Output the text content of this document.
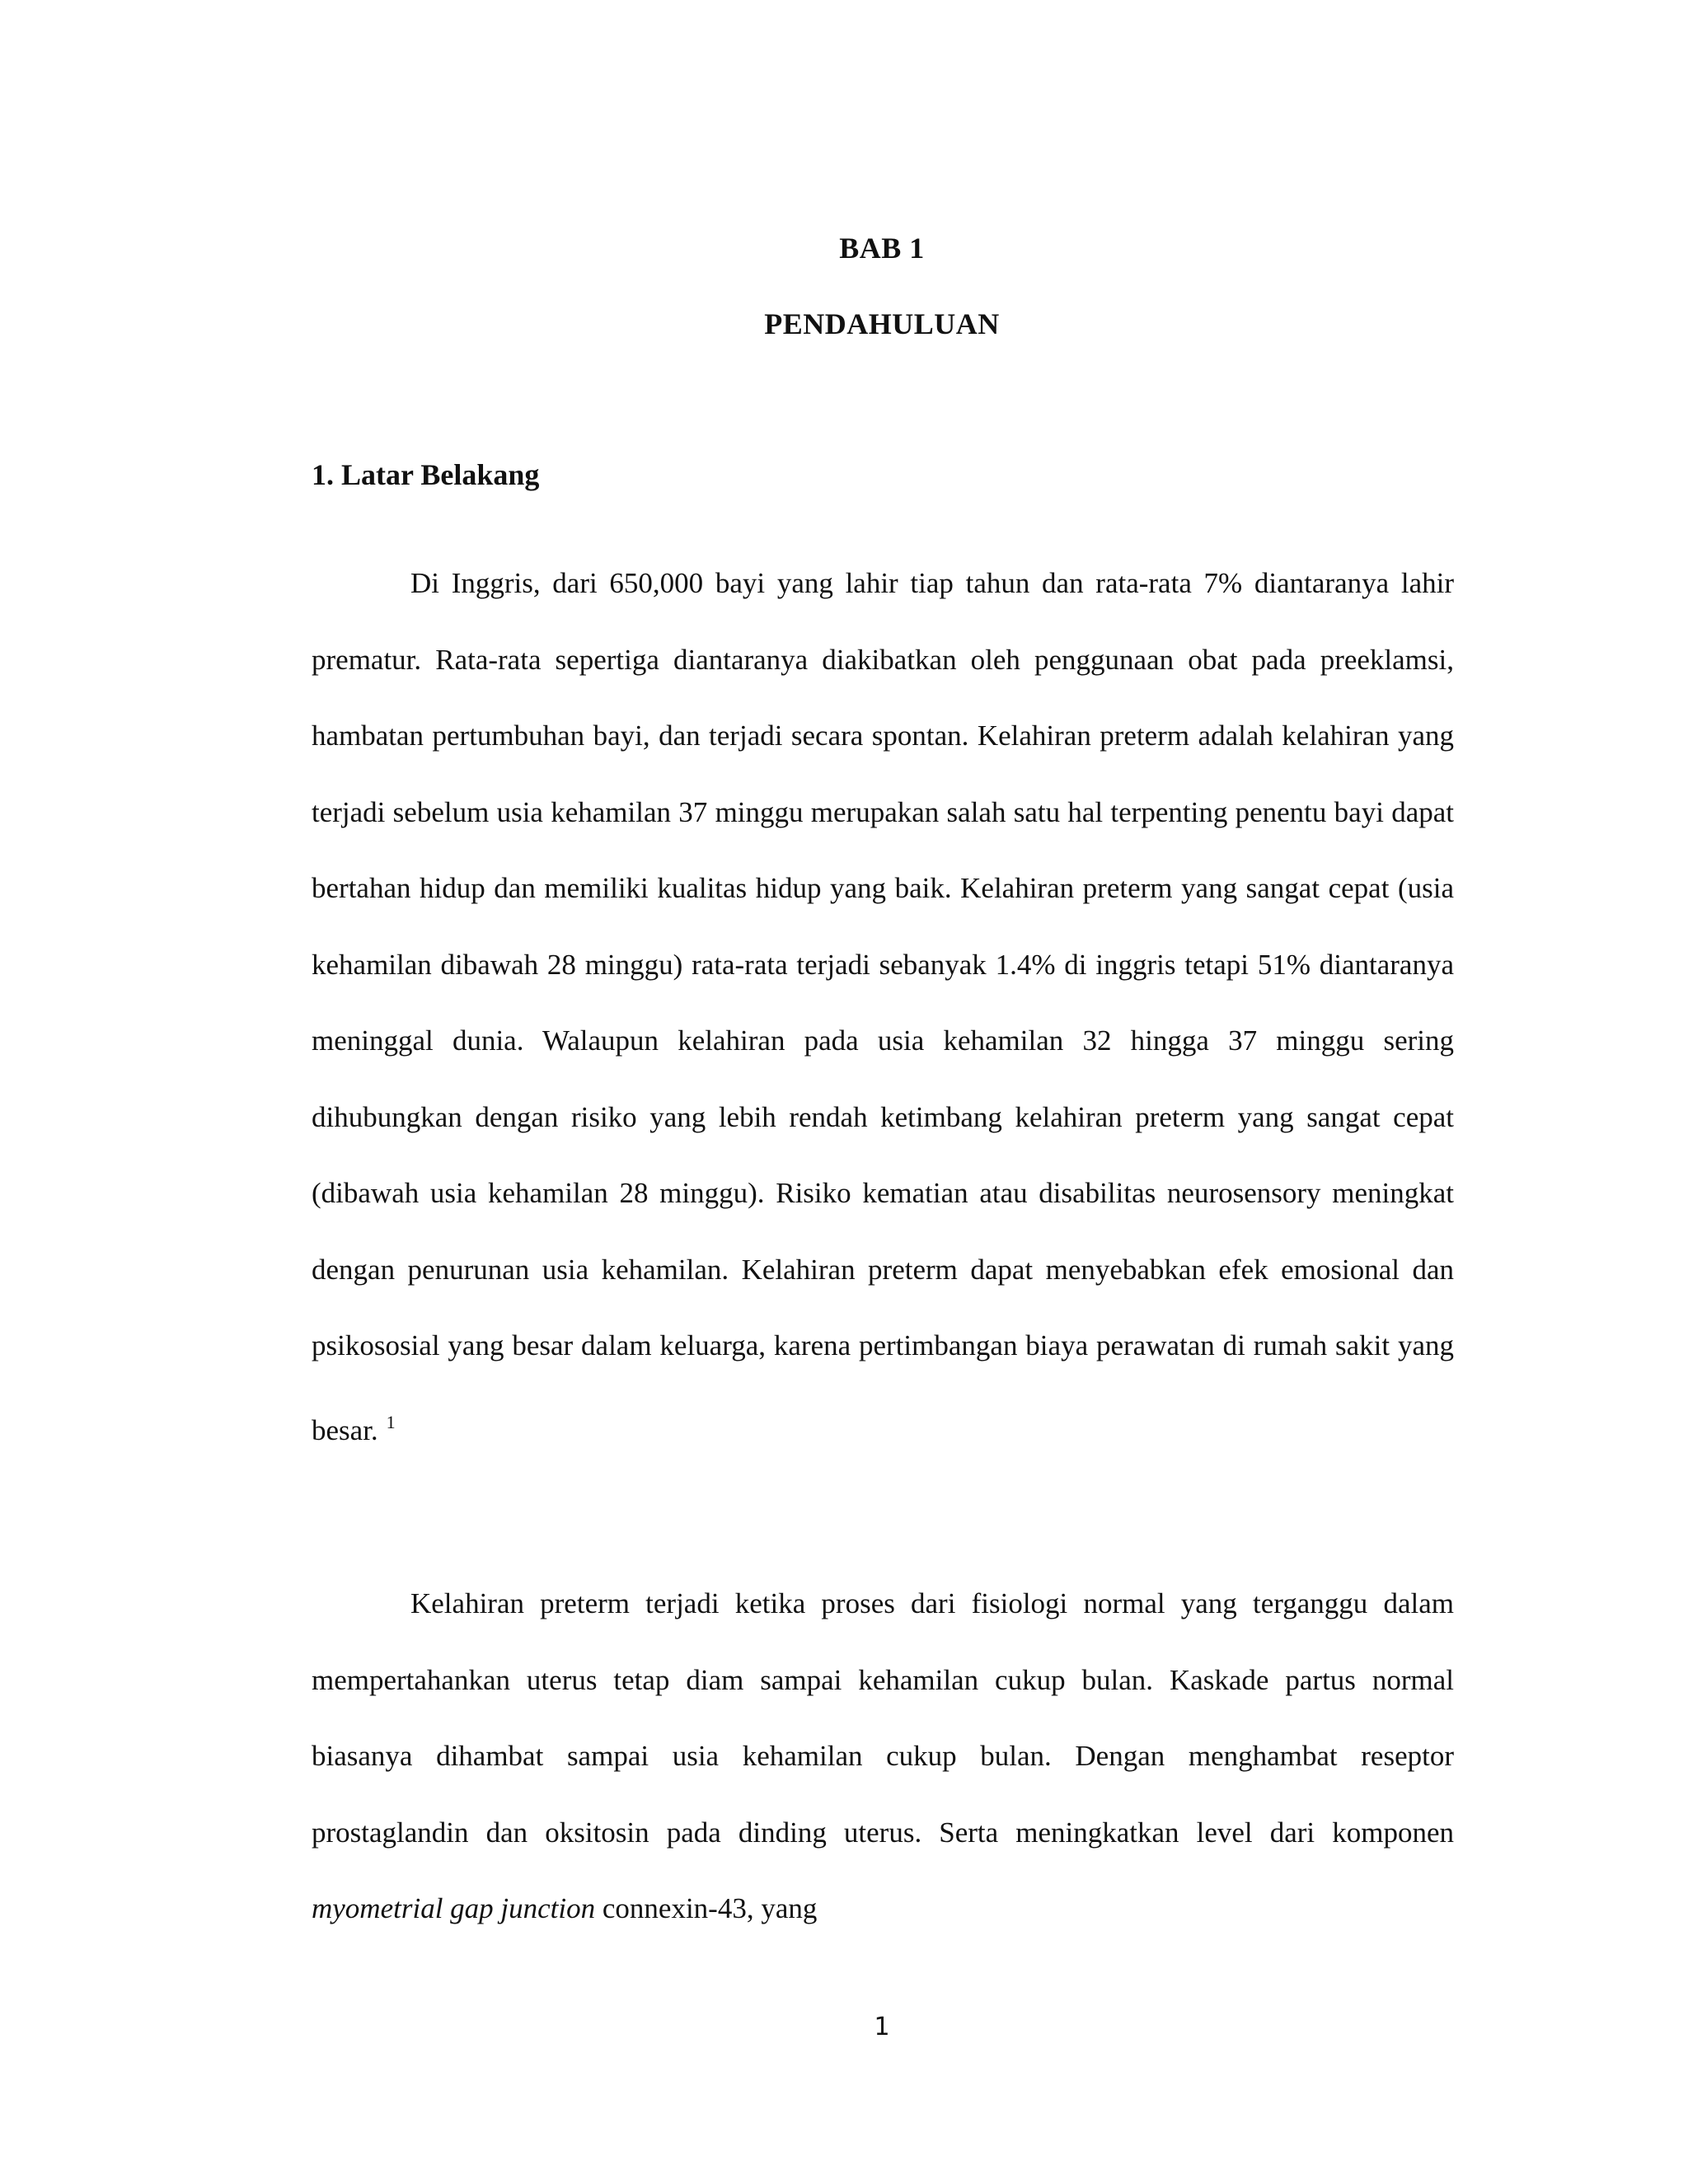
BAB 1
PENDAHULUAN
1. Latar Belakang

Di Inggris, dari 650,000 bayi yang lahir tiap tahun dan rata-rata 7% diantaranya lahir prematur. Rata-rata sepertiga diantaranya diakibatkan oleh penggunaan obat pada preeklamsi, hambatan pertumbuhan bayi, dan terjadi secara spontan. Kelahiran preterm adalah kelahiran yang terjadi sebelum usia kehamilan 37 minggu merupakan salah satu hal terpenting penentu bayi dapat bertahan hidup dan memiliki kualitas hidup yang baik. Kelahiran preterm yang sangat cepat (usia kehamilan dibawah 28 minggu) rata-rata terjadi sebanyak 1.4% di inggris tetapi 51% diantaranya meninggal dunia. Walaupun kelahiran pada usia kehamilan 32 hingga 37 minggu sering dihubungkan dengan risiko yang lebih rendah ketimbang kelahiran preterm yang sangat cepat (dibawah usia kehamilan 28 minggu). Risiko kematian atau disabilitas neurosensory meningkat dengan penurunan usia kehamilan. Kelahiran preterm dapat menyebabkan efek emosional dan psikososial yang besar dalam keluarga, karena pertimbangan biaya perawatan di rumah sakit yang besar. $^1$

Kelahiran preterm terjadi ketika proses dari fisiologi normal yang terganggu dalam mempertahankan uterus tetap diam sampai kehamilan cukup bulan. Kaskade partus normal biasanya dihambat sampai usia kehamilan cukup bulan. Dengan menghambat reseptor prostaglandin dan oksitosin pada dinding uterus. Serta meningkatkan level dari komponen myometrial gap junction connexin-43, yang

1
